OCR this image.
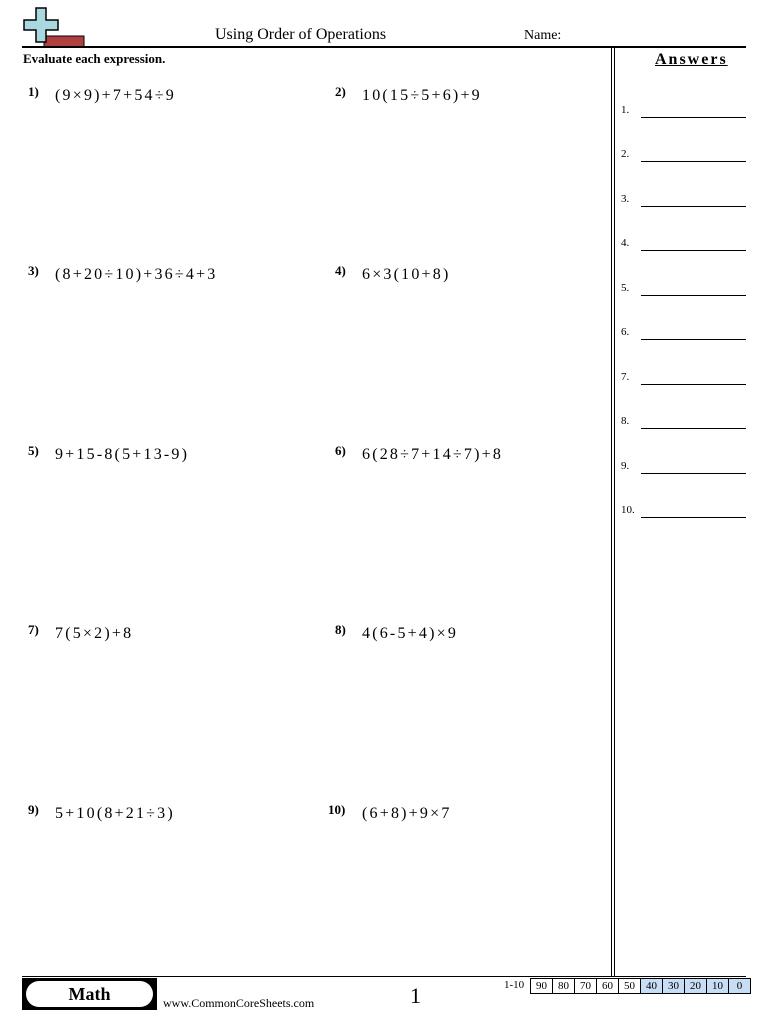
Using Order of Operations	Name:
Evaluate each expression.
1) (9×9)+7+54÷9	2) 10(15÷5+6)+9
3) (8+20÷10)+36÷4+3	4) 6×3(10+8)
5) 9+15-8(5+13-9)	6) 6(28÷7+14÷7)+8
7) 7(5×2)+8	8) 4(6-5+4)×9
9) 5+10(8+21÷3)	10) (6+8)+9×7
Answers
1.
2.
3.
4.
5.
6.
7.
8.
9.
10.
Math	www.CommonCoreSheets.com	1	1-10	90	80	70	60	50	40	30	20	10	0
